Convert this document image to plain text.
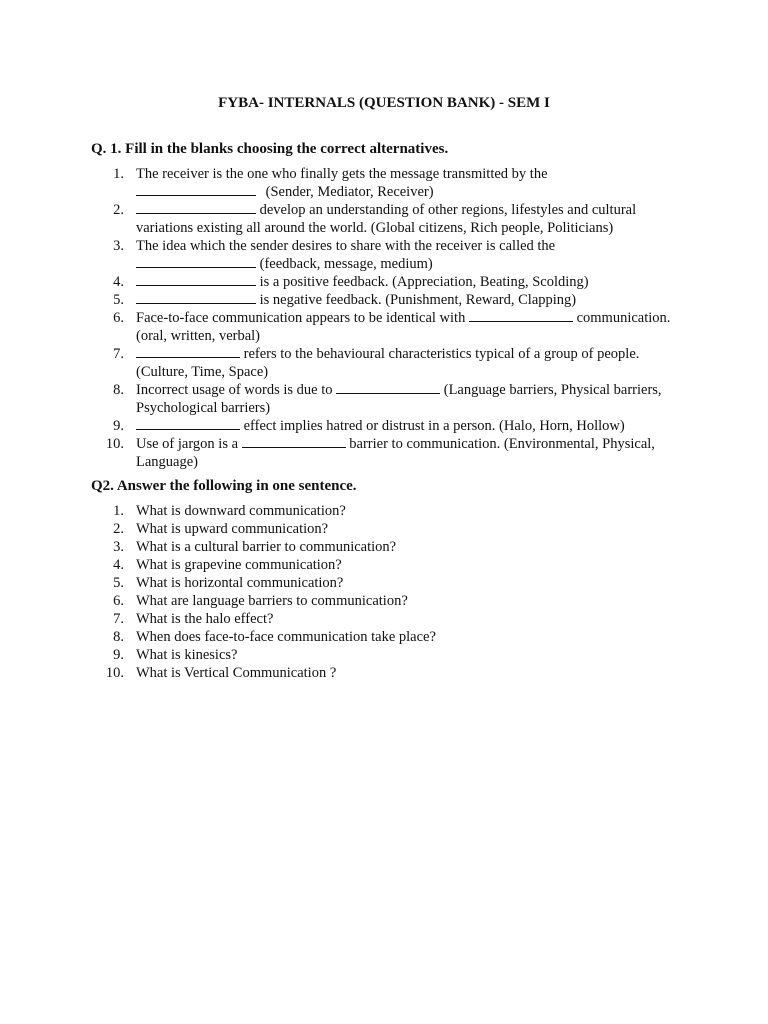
FYBA- INTERNALS (QUESTION BANK) - SEM I

Q. 1. Fill in the blanks choosing the correct alternatives.

1. The receiver is the one who finally gets the message transmitted by the
(Sender, Mediator, Receiver)
2.	develop an understanding of other regions, lifestyles and cultural variations existing all around the world. (Global citizens, Rich people, Politicians)
3. The idea which the sender desires to share with the receiver is called the
(feedback, message, medium)
4.	is a positive feedback. (Appreciation, Beating, Scolding)
5.	is negative feedback. (Punishment, Reward, Clapping)
6. Face-to-face communication appears to be identical with	communication. (oral, written, verbal)
7.	refers to the behavioural characteristics typical of a group of people. (Culture, Time, Space)
8. Incorrect usage of words is due to	(Language barriers, Physical barriers, Psychological barriers)
9.	effect implies hatred or distrust in a person. (Halo, Horn, Hollow)
10. Use of jargon is a	barrier to communication. (Environmental, Physical, Language)

Q2. Answer the following in one sentence.

1. What is downward communication?
2. What is upward communication?
3. What is a cultural barrier to communication?
4. What is grapevine communication?
5. What is horizontal communication?
6. What are language barriers to communication?
7. What is the halo effect?
8. When does face-to-face communication take place?
9. What is kinesics?
10. What is Vertical Communication ?
